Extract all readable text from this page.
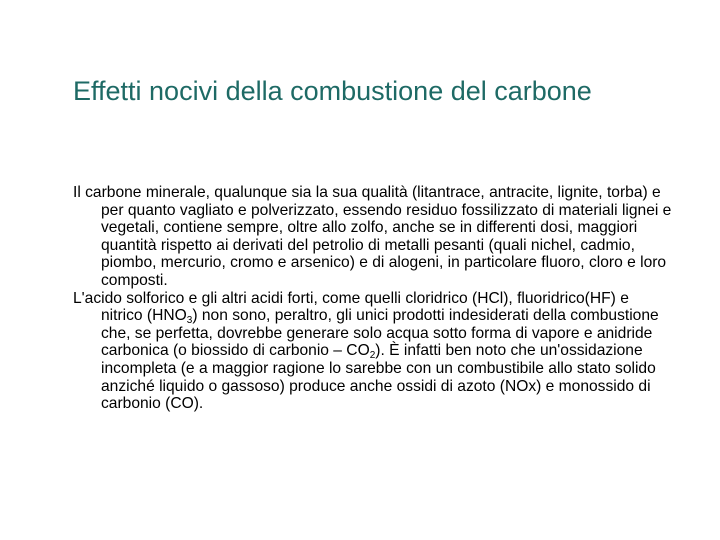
Effetti nocivi della combustione del carbone

Il carbone minerale, qualunque sia la sua qualità (litantrace, antracite, lignite, torba) e per quanto vagliato e polverizzato, essendo residuo fossilizzato di materiali lignei e vegetali, contiene sempre, oltre allo zolfo, anche se in differenti dosi, maggiori quantità rispetto ai derivati del petrolio di metalli pesanti (quali nichel, cadmio, piombo, mercurio, cromo e arsenico) e di alogeni, in particolare fluoro, cloro e loro composti.

L'acido solforico e gli altri acidi forti, come quelli cloridrico (HCl), fluoridrico(HF) e nitrico $(HNO_3)$ non sono, peraltro, gli unici prodotti indesiderati della combustione che, se perfetta, dovrebbe generare solo acqua sotto forma di vapore e anidride carbonica (o biossido di carbonio – $CO_2$). È infatti ben noto che un'ossidazione incompleta (e a maggior ragione lo sarebbe con un combustibile allo stato solido anziché liquido o gassoso) produce anche ossidi di azoto (NOx) e monossido di carbonio (CO).
